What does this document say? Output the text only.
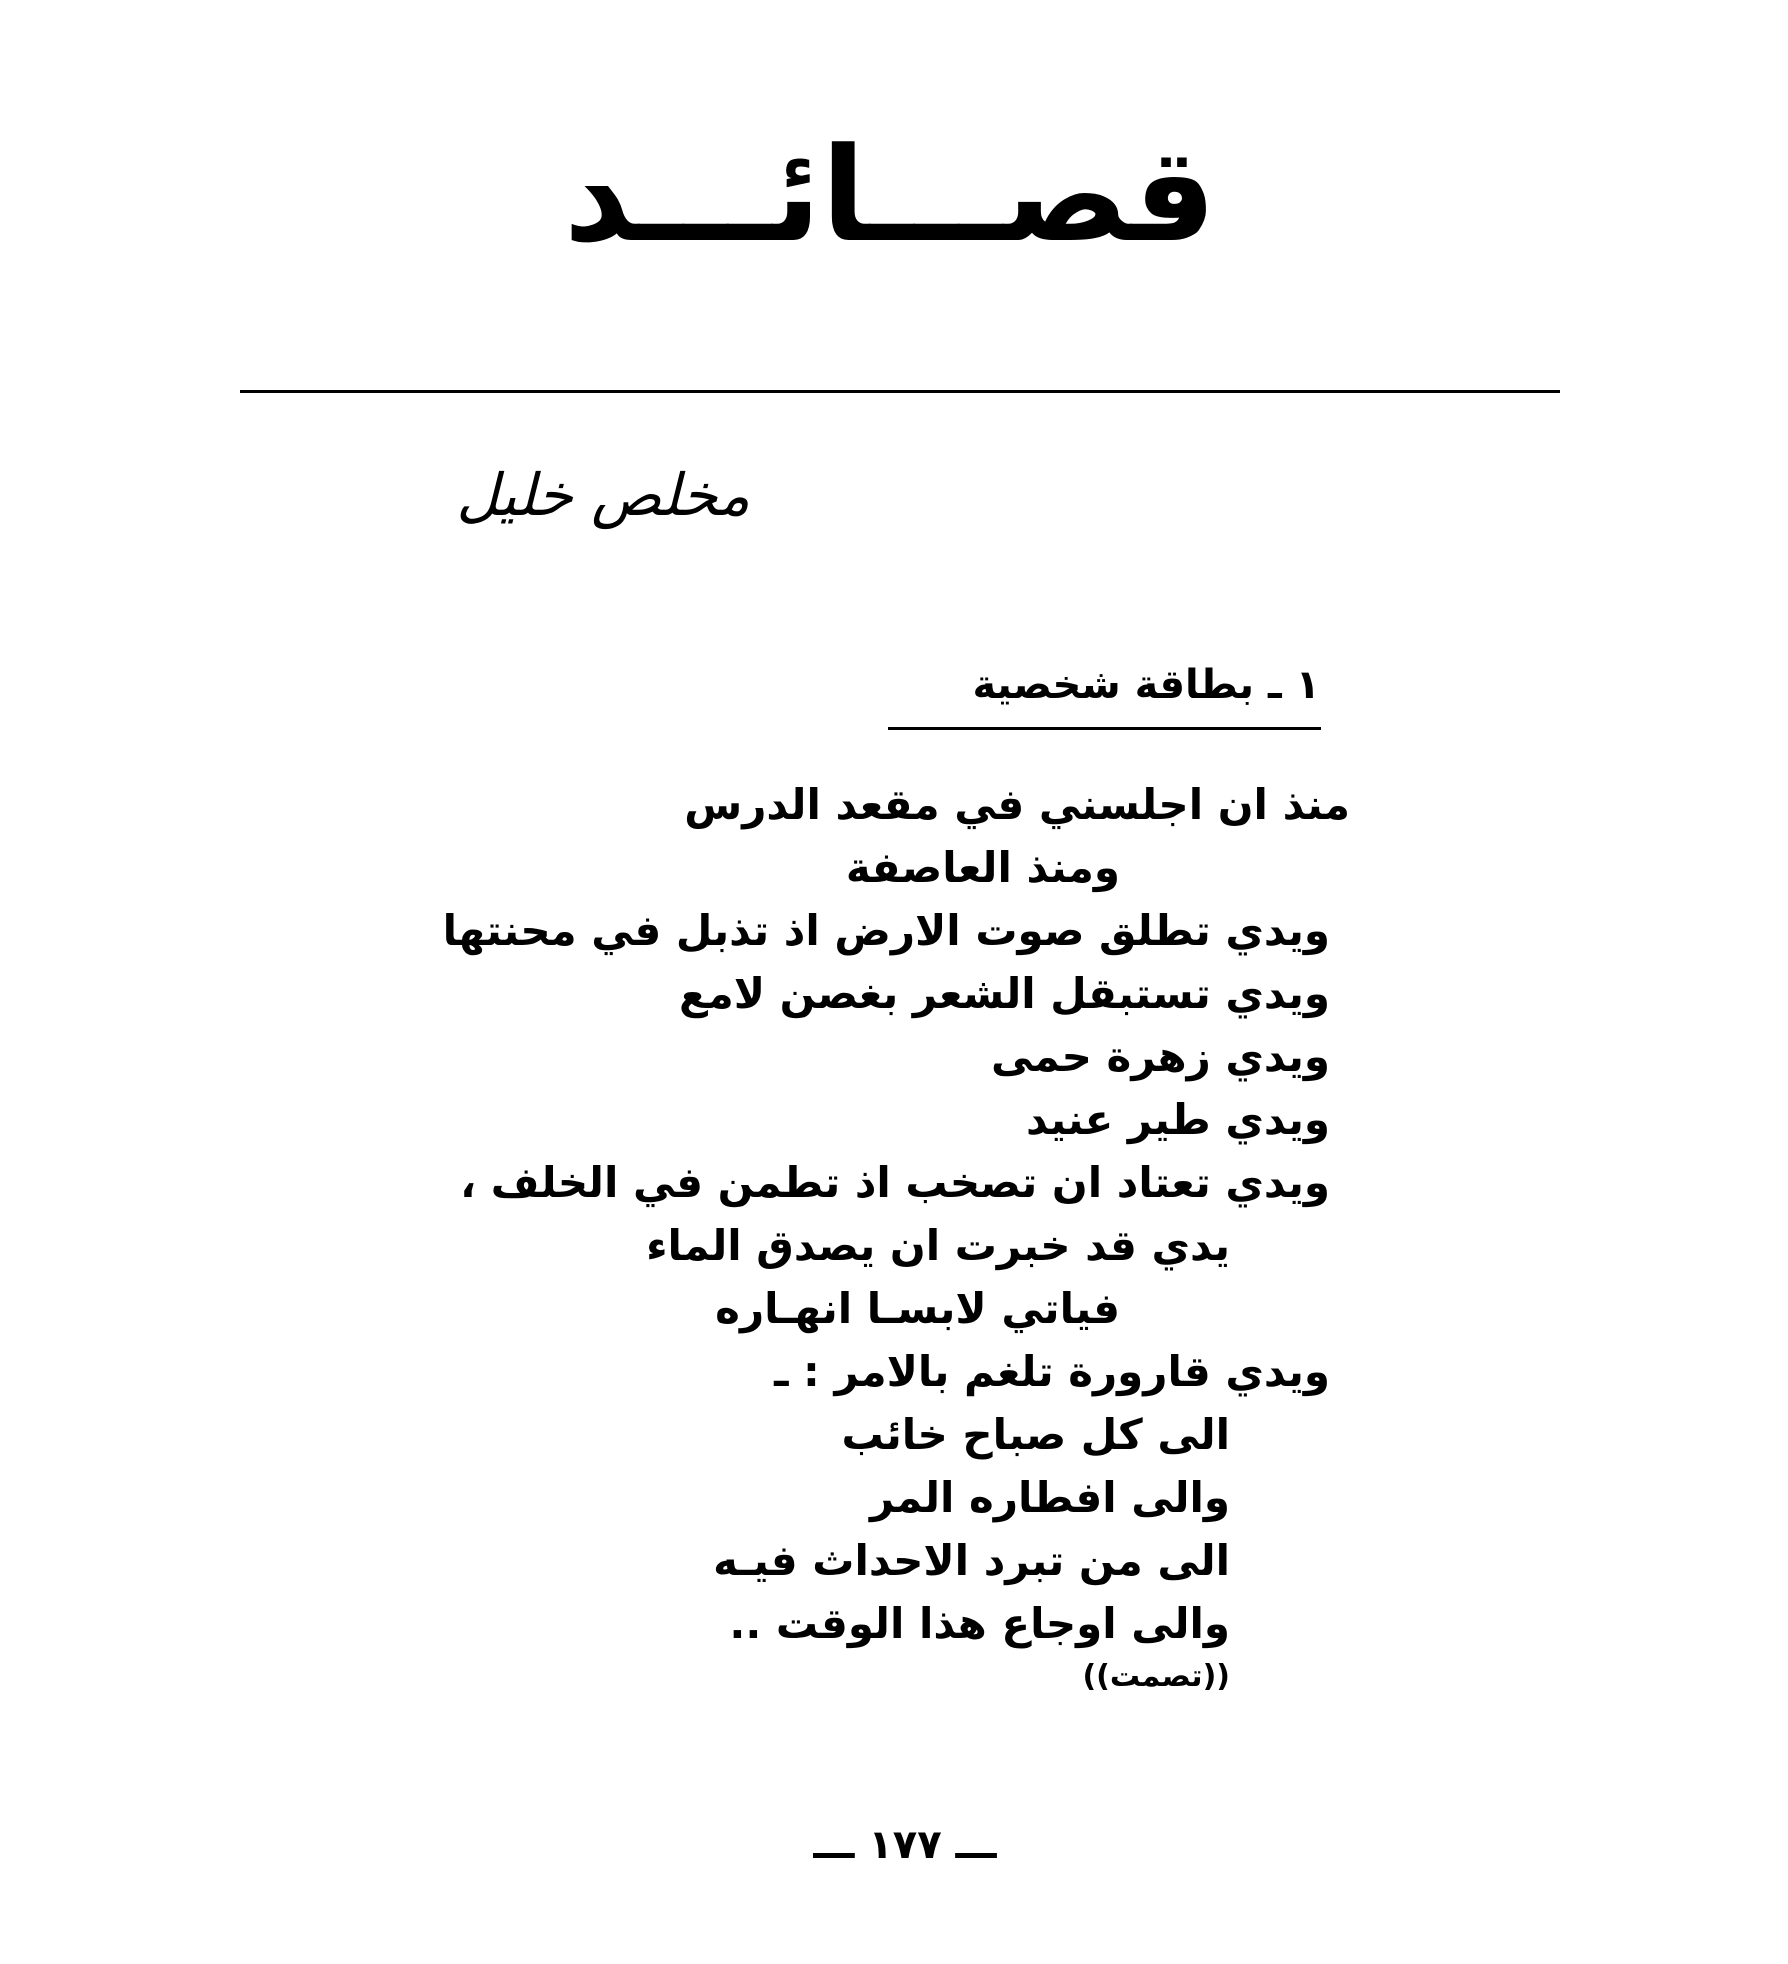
قصـــائـــد
مخلص خليل
١ ـ بطاقة شخصية
منذ ان اجلسني في مقعد الدرس
ومنذ العاصفة
ويدي تطلق صوت الارض اذ تذبل في محنتها
ويدي تستبقل الشعر بغصن لامع
ويدي زهرة حمى
ويدي طير عنيد
ويدي تعتاد ان تصخب اذ تطمن في الخلف ،
يدي قد خبرت ان يصدق الماء
فياتي لابسـا انهـاره
ويدي قارورة تلغم بالامر : ـ
الى كل صباح خائب
والى افطاره المر
الى من تبرد الاحداث فيـه
والى اوجاع هذا الوقت ..
((تصمت))
ـــ ١٧٧ ـــ
